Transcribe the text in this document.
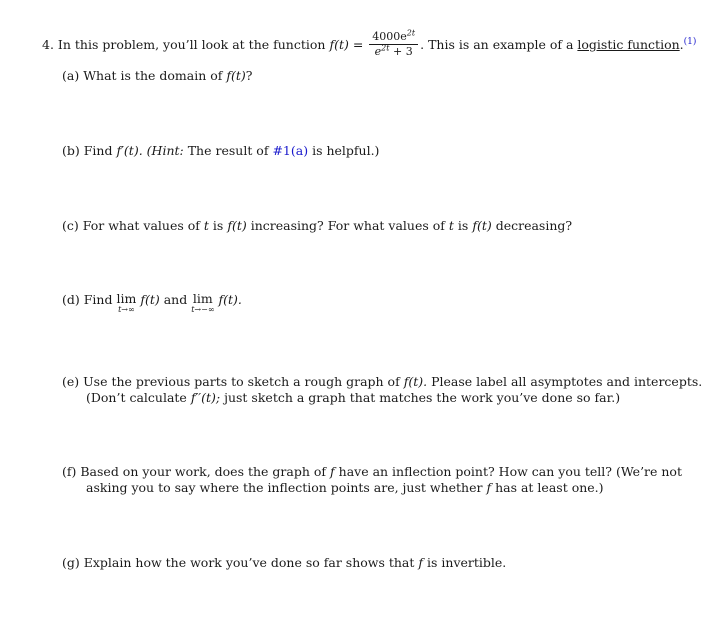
4. In this problem, you’ll look at the function $f(t) = \frac{4000e^{2t}}{e^{2t} + 3}$ . This is an example of a logistic function.$^{(1)}$
(a) What is the domain of f(t)?
(b) Find f′(t). (Hint: The result of #1(a) is helpful.)
(c) For what values of t is f(t) increasing? For what values of t is f(t) decreasing?
(d) Find lim
t→∞
f(t) and lim
t→−∞
f(t).
(e) Use the previous parts to sketch a rough graph of f(t). Please label all asymptotes and intercepts.
(Don’t calculate f′′(t); just sketch a graph that matches the work you’ve done so far.)
(f) Based on your work, does the graph of f have an inflection point? How can you tell? (We’re not
asking you to say where the inflection points are, just whether f has at least one.)
(g) Explain how the work you’ve done so far shows that f is invertible.
